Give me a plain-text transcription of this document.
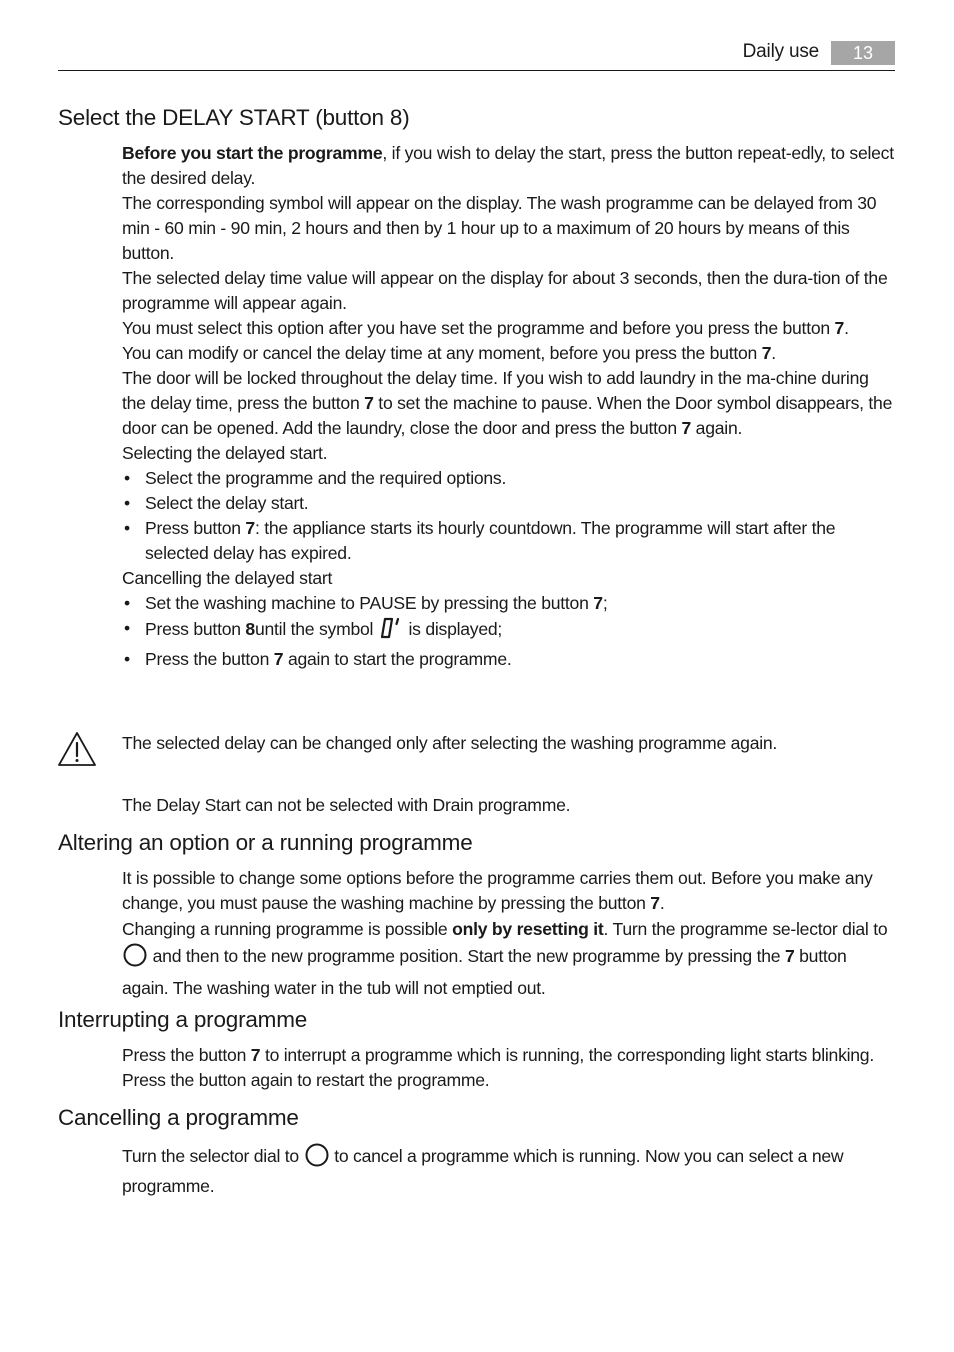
Daily use	13
Select the DELAY START (button 8)

Before you start the programme, if you wish to delay the start, press the button repeat-edly, to select the desired delay.

The corresponding symbol will appear on the display. The wash programme can be delayed from 30 min - 60 min - 90 min, 2 hours and then by 1 hour up to a maximum of 20 hours by means of this button.

The selected delay time value will appear on the display for about 3 seconds, then the dura-tion of the programme will appear again.

You must select this option after you have set the programme and before you press the button 7.

You can modify or cancel the delay time at any moment, before you press the button 7.

The door will be locked throughout the delay time. If you wish to add laundry in the ma-chine during the delay time, press the button 7 to set the machine to pause. When the Door symbol disappears, the door can be opened. Add the laundry, close the door and press the button 7 again.

Selecting the delayed start.

• Select the programme and the required options.
• Select the delay start.
• Press button 7: the appliance starts its hourly countdown. The programme will start after the selected delay has expired.

Cancelling the delayed start

• Set the washing machine to PAUSE by pressing the button 7;
• Press button 8until the symbol  is displayed;
• Press the button 7 again to start the programme.
The selected delay can be changed only after selecting the washing programme again.
The Delay Start can not be selected with Drain programme.
Altering an option or a running programme

It is possible to change some options before the programme carries them out. Before you make any change, you must pause the washing machine by pressing the button 7.

Changing a running programme is possible only by resetting it. Turn the programme se-lector dial to  and then to the new programme position. Start the new programme by pressing the 7 button again. The washing water in the tub will not emptied out.

Interrupting a programme

Press the button 7 to interrupt a programme which is running, the corresponding light starts blinking. Press the button again to restart the programme.

Cancelling a programme

Turn the selector dial to  to cancel a programme which is running. Now you can select a new programme.
